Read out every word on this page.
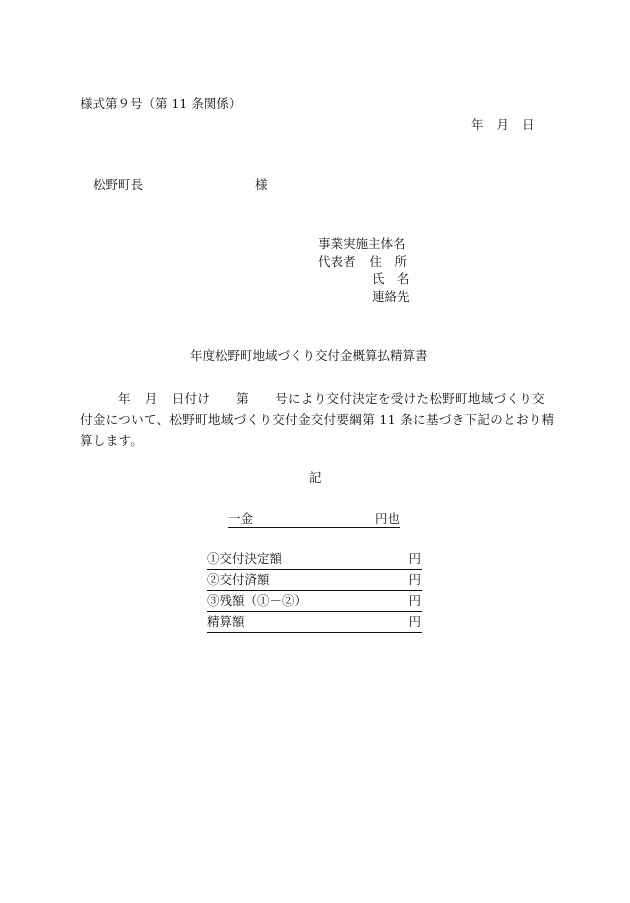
様式第９号（第 11 条関係）
年 月 日
松野町長	様
事業実施主体名
代表者 住　所
氏　名
連絡先
年度松野町地域づくり交付金概算払精算書
年 月 日付け 第 号により交付決定を受けた松野町地域づくり交付金について、松野町地域づくり交付金交付要綱第 11 条に基づき下記のとおり精算します。
記
一金	円也
①交付決定額	円
②交付済額	円
③残額（①－②）	円
精算額	円
